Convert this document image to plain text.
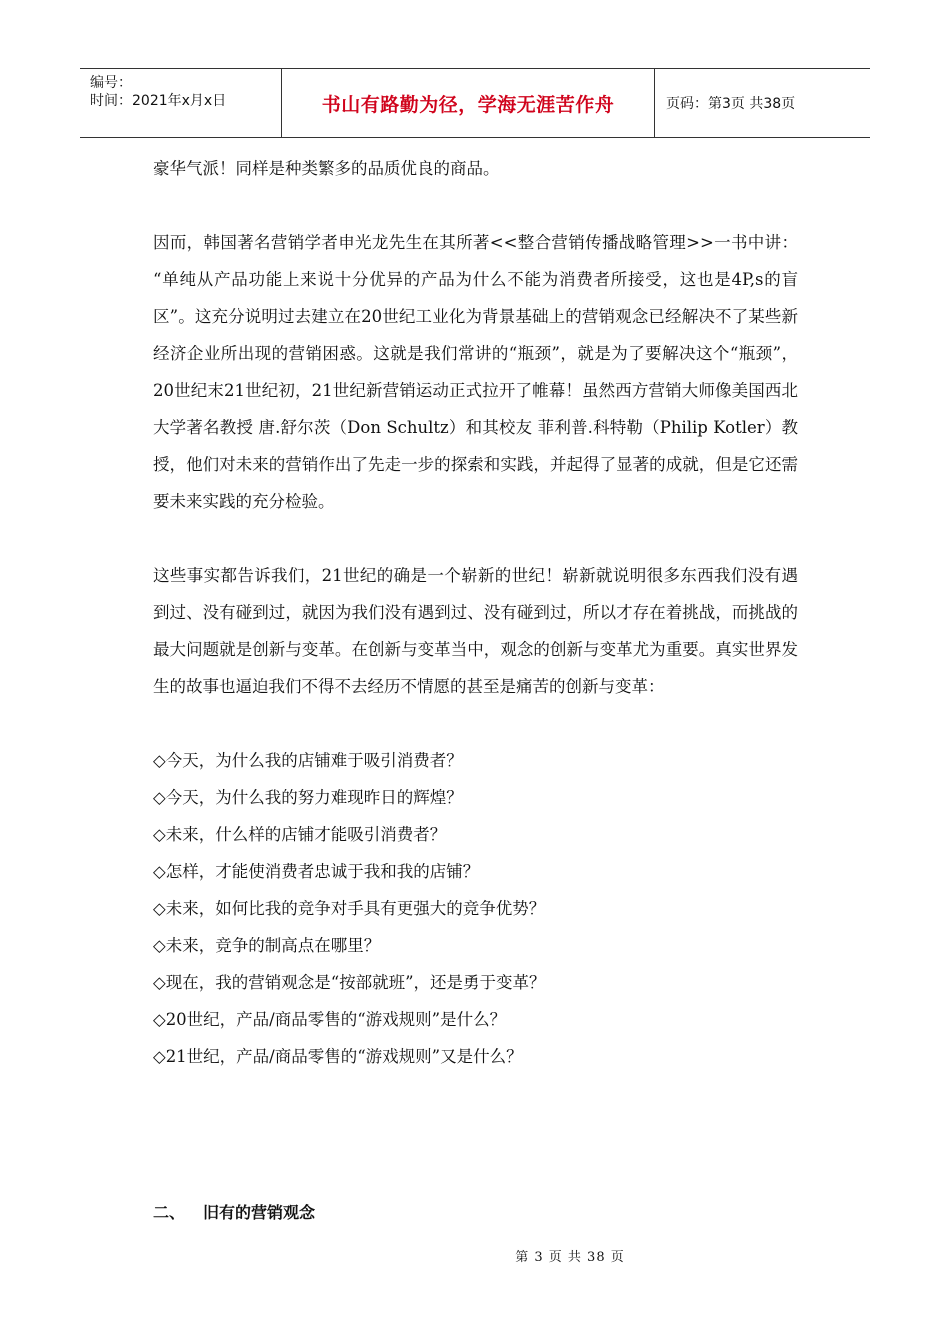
编号：
时间：2021年x月x日	书山有路勤为径，学海无涯苦作舟	页码：第3页 共38页

豪华气派！同样是种类繁多的品质优良的商品。

因而，韩国著名营销学者申光龙先生在其所著<<整合营销传播战略管理>>一书中讲： “单纯从产品功能上来说十分优异的产品为什么不能为消费者所接受，这也是4P,s的盲区”。这充分说明过去建立在20世纪工业化为背景基础上的营销观念已经解决不了某些新经济企业所出现的营销困惑。这就是我们常讲的“瓶颈”，就是为了要解决这个“瓶颈”，20世纪末21世纪初，21世纪新营销运动正式拉开了帷幕！虽然西方营销大师像美国西北大学著名教授 唐.舒尔茨（Don Schultz）和其校友 菲利普.科特勒（Philip Kotler）教授，他们对未来的营销作出了先走一步的探索和实践，并起得了显著的成就，但是它还需要未来实践的充分检验。

这些事实都告诉我们，21世纪的确是一个崭新的世纪！崭新就说明很多东西我们没有遇到过、没有碰到过，就因为我们没有遇到过、没有碰到过，所以才存在着挑战，而挑战的最大问题就是创新与变革。在创新与变革当中，观念的创新与变革尤为重要。真实世界发生的故事也逼迫我们不得不去经历不情愿的甚至是痛苦的创新与变革：

◇今天，为什么我的店铺难于吸引消费者？
◇今天，为什么我的努力难现昨日的辉煌？
◇未来，什么样的店铺才能吸引消费者？
◇怎样，才能使消费者忠诚于我和我的店铺？
◇未来，如何比我的竞争对手具有更强大的竞争优势？
◇未来，竞争的制高点在哪里？
◇现在，我的营销观念是“按部就班”，还是勇于变革？
◇20世纪，产品/商品零售的“游戏规则”是什么？
◇21世纪，产品/商品零售的“游戏规则”又是什么？
二、 旧有的营销观念
第 3 页 共 38 页
